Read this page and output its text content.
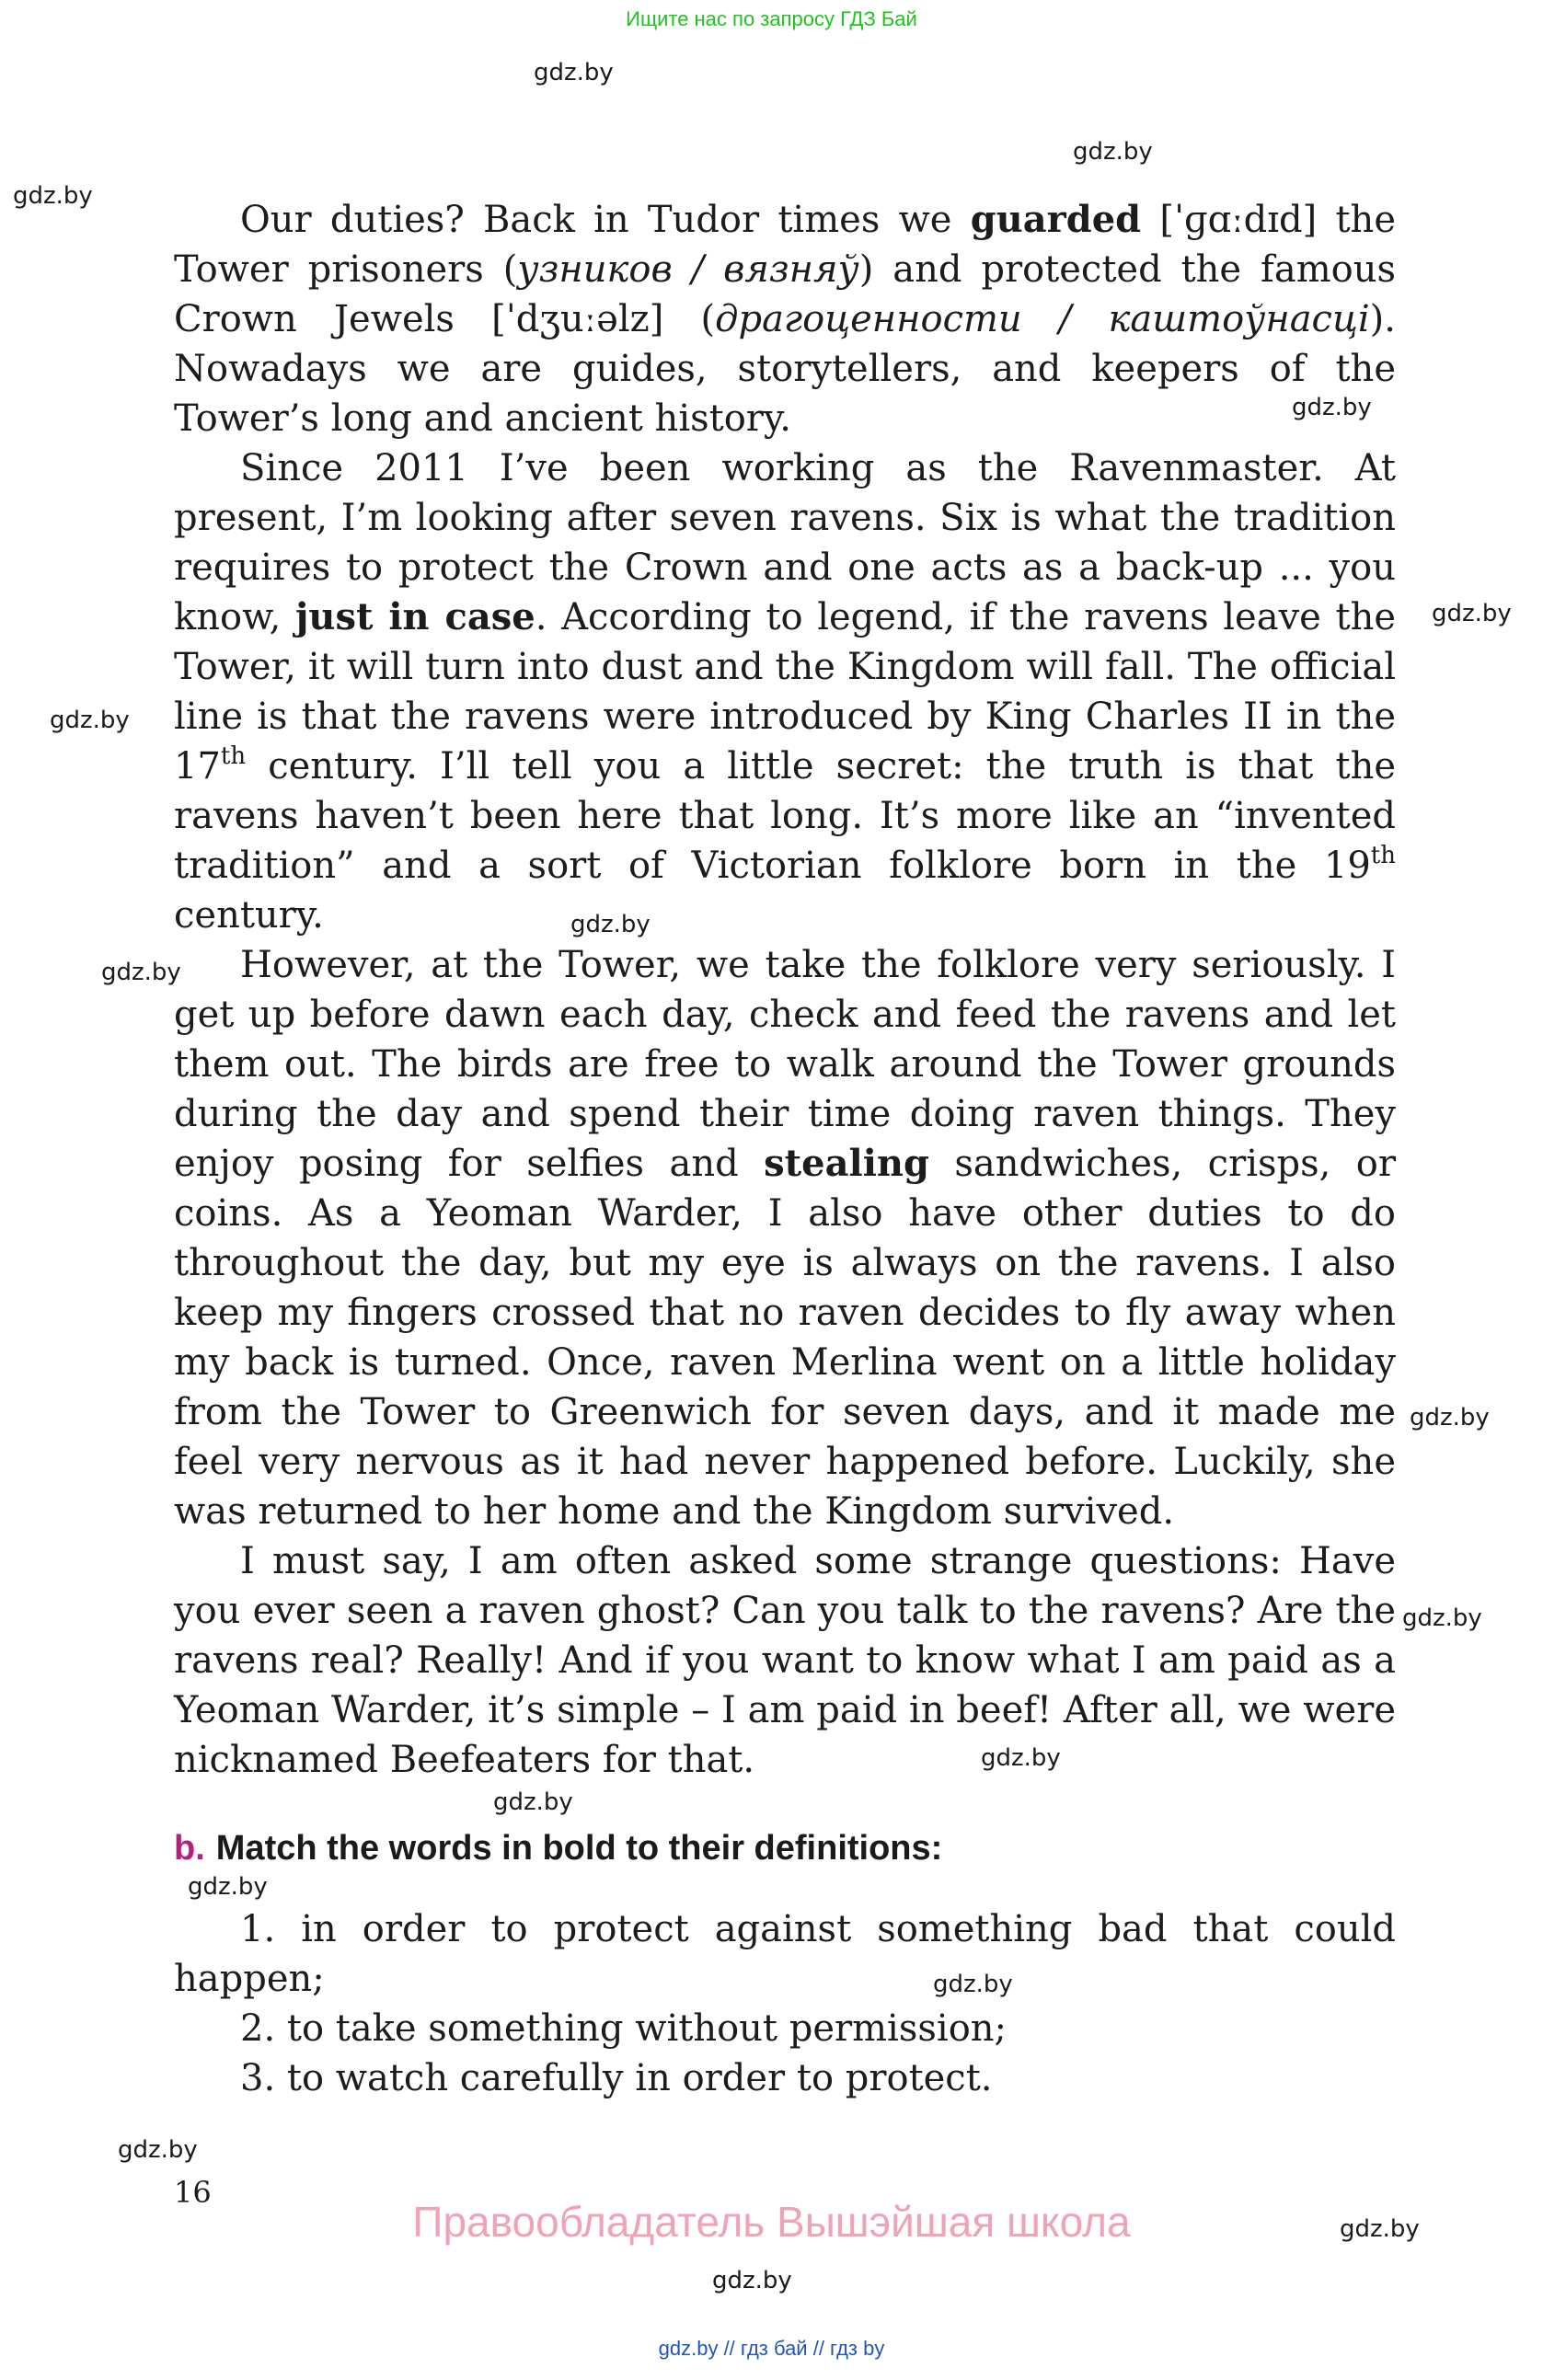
Ищите нас по запросу ГДЗ Бай
gdz.by
gdz.by
gdz.by
gdz.by
gdz.by
gdz.by
gdz.by
gdz.by
gdz.by
gdz.by
gdz.by
gdz.by
gdz.by
gdz.by
gdz.by
gdz.by
gdz.by

Our duties? Back in Tudor times we guarded [ˈɡɑːdɪd] the Tower prisoners (узников / вязняў) and protected the famous Crown Jewels [ˈdʒuːəlz] (драгоценности / каштоўнасці). Nowadays we are guides, storytellers, and keepers of the Tower’s long and ancient history.

Since 2011 I’ve been working as the Ravenmaster. At present, I’m looking after seven ravens. Six is what the tradition requires to protect the Crown and one acts as a back-up ... you know, just in case. According to legend, if the ravens leave the Tower, it will turn into dust and the Kingdom will fall. The official line is that the ravens were introduced by King Charles II in the 17th century. I’ll tell you a little secret: the truth is that the ravens haven’t been here that long. It’s more like an “invented tradition” and a sort of Victorian folklore born in the 19th century.

However, at the Tower, we take the folklore very seriously. I get up before dawn each day, check and feed the ravens and let them out. The birds are free to walk around the Tower grounds during the day and spend their time doing raven things. They enjoy posing for selfies and stealing sandwiches, crisps, or coins. As a Yeoman Warder, I also have other duties to do throughout the day, but my eye is always on the ravens. I also keep my fingers crossed that no raven decides to fly away when my back is turned. Once, raven Merlina went on a little holiday from the Tower to Greenwich for seven days, and it made me feel very nervous as it had never happened before. Luckily, she was returned to her home and the Kingdom survived.

I must say, I am often asked some strange questions: Have you ever seen a raven ghost? Can you talk to the ravens? Are the ravens real? Really! And if you want to know what I am paid as a Yeoman Warder, it’s simple – I am paid in beef! After all, we were nicknamed Beefeaters for that.

b. Match the words in bold to their definitions:

1. in order to protect against something bad that could happen;

2. to take something without permission;

3. to watch carefully in order to protect.

16
Правообладатель Вышэйшая школа
gdz.by // гдз бай // гдз by
